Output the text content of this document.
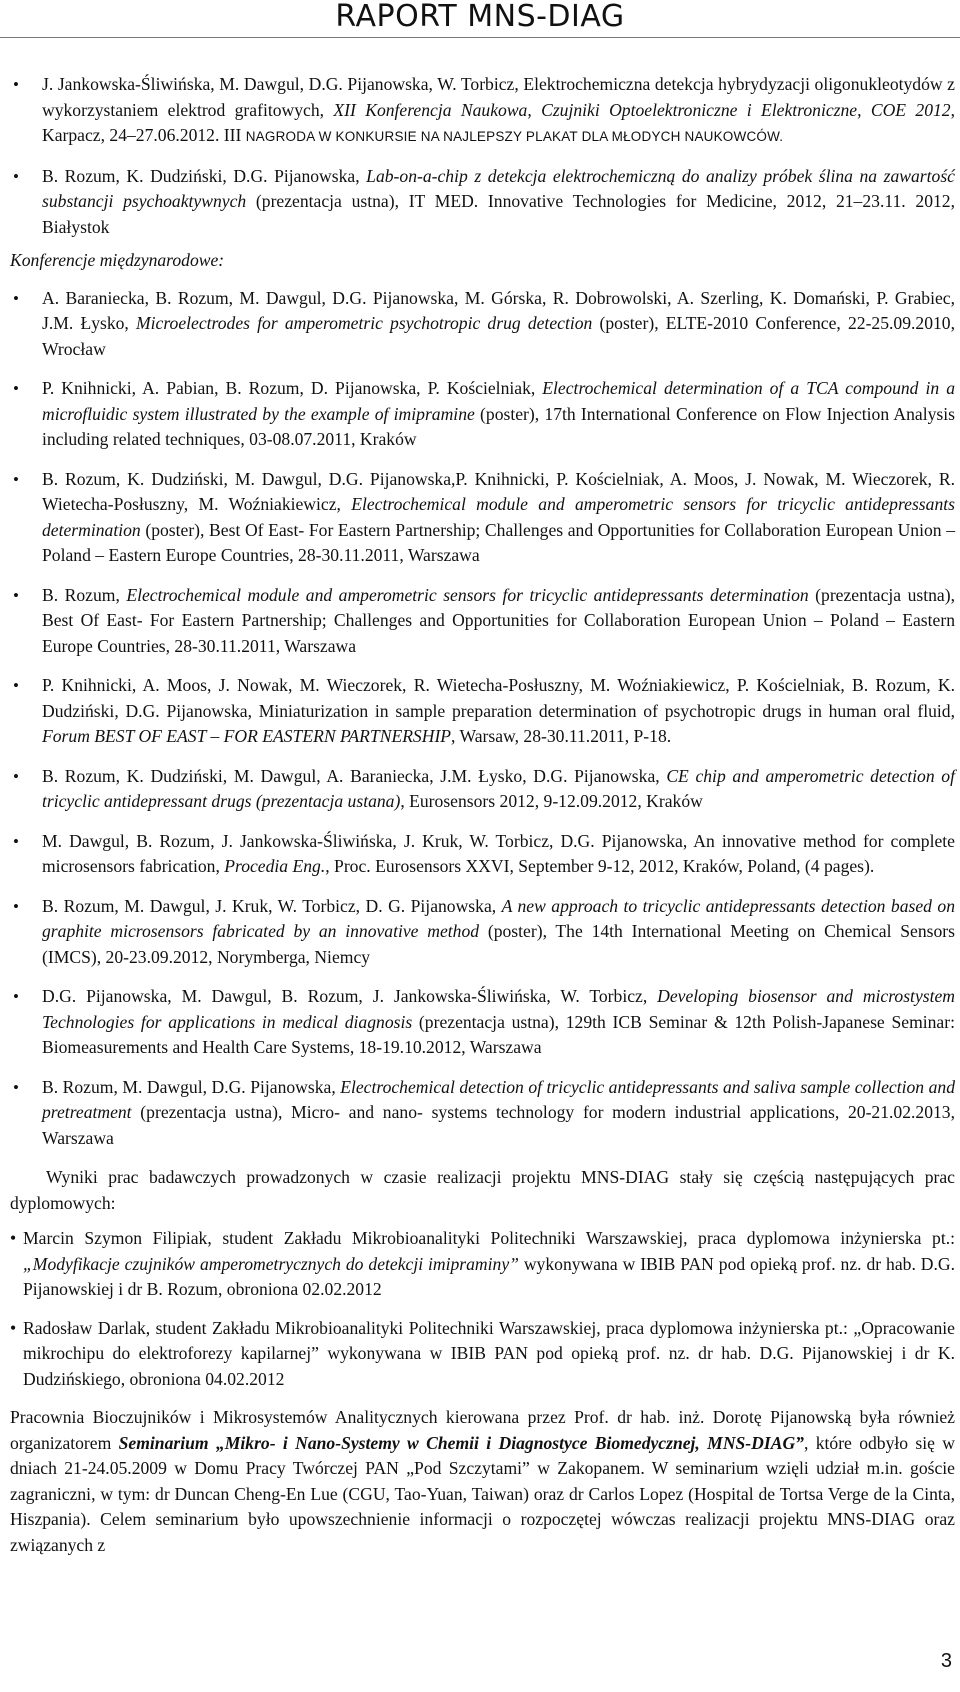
RAPORT MNS-DIAG
• J. Jankowska-Śliwińska, M. Dawgul, D.G. Pijanowska, W. Torbicz, Elektrochemiczna detekcja hybrydyzacji oligonukleotydów z wykorzystaniem elektrod grafitowych, XII Konferencja Naukowa, Czujniki Optoelektroniczne i Elektroniczne, COE 2012, Karpacz, 24–27.06.2012. III NAGRODA W KONKURSIE NA NAJLEPSZY PLAKAT DLA MŁODYCH NAUKOWCÓW.
• B. Rozum, K. Dudziński, D.G. Pijanowska, Lab-on-a-chip z detekcja elektrochemiczną do analizy próbek ślina na zawartość substancji psychoaktywnych (prezentacja ustna), IT MED. Innovative Technologies for Medicine, 2012, 21–23.11. 2012, Białystok
Konferencje międzynarodowe:
• A. Baraniecka, B. Rozum, M. Dawgul, D.G. Pijanowska, M. Górska, R. Dobrowolski, A. Szerling, K. Domański, P. Grabiec, J.M. Łysko, Microelectrodes for amperometric psychotropic drug detection (poster), ELTE-2010 Conference, 22-25.09.2010, Wrocław
• P. Knihnicki, A. Pabian, B. Rozum, D. Pijanowska, P. Kościelniak, Electrochemical determination of a TCA compound in a microfluidic system illustrated by the example of imipramine (poster), 17th International Conference on Flow Injection Analysis including related techniques, 03-08.07.2011, Kraków
• B. Rozum, K. Dudziński, M. Dawgul, D.G. Pijanowska,P. Knihnicki, P. Kościelniak, A. Moos, J. Nowak, M. Wieczorek, R. Wietecha-Posłuszny, M. Woźniakiewicz, Electrochemical module and amperometric sensors for tricyclic antidepressants determination (poster), Best Of East- For Eastern Partnership; Challenges and Opportunities for Collaboration European Union – Poland – Eastern Europe Countries, 28-30.11.2011, Warszawa
• B. Rozum, Electrochemical module and amperometric sensors for tricyclic antidepressants determination (prezentacja ustna), Best Of East- For Eastern Partnership; Challenges and Opportunities for Collaboration European Union – Poland – Eastern Europe Countries, 28-30.11.2011, Warszawa
• P. Knihnicki, A. Moos, J. Nowak, M. Wieczorek, R. Wietecha-Posłuszny, M. Woźniakiewicz, P. Kościelniak, B. Rozum, K. Dudziński, D.G. Pijanowska, Miniaturization in sample preparation determination of psychotropic drugs in human oral fluid, Forum BEST OF EAST – FOR EASTERN PARTNERSHIP, Warsaw, 28-30.11.2011, P-18.
• B. Rozum, K. Dudziński, M. Dawgul, A. Baraniecka, J.M. Łysko, D.G. Pijanowska, CE chip and amperometric detection of tricyclic antidepressant drugs (prezentacja ustana), Eurosensors 2012, 9-12.09.2012, Kraków
• M. Dawgul, B. Rozum, J. Jankowska-Śliwińska, J. Kruk, W. Torbicz, D.G. Pijanowska, An innovative method for complete microsensors fabrication, Procedia Eng., Proc. Eurosensors XXVI, September 9-12, 2012, Kraków, Poland, (4 pages).
• B. Rozum, M. Dawgul, J. Kruk, W. Torbicz, D. G. Pijanowska, A new approach to tricyclic antidepressants detection based on graphite microsensors fabricated by an innovative method (poster), The 14th International Meeting on Chemical Sensors (IMCS), 20-23.09.2012, Norymberga, Niemcy
• D.G. Pijanowska, M. Dawgul, B. Rozum, J. Jankowska-Śliwińska, W. Torbicz, Developing biosensor and microstystem Technologies for applications in medical diagnosis (prezentacja ustna), 129th ICB Seminar & 12th Polish-Japanese Seminar: Biomeasurements and Health Care Systems, 18-19.10.2012, Warszawa
• B. Rozum, M. Dawgul, D.G. Pijanowska, Electrochemical detection of tricyclic antidepressants and saliva sample collection and pretreatment (prezentacja ustna), Micro- and nano- systems technology for modern industrial applications, 20-21.02.2013, Warszawa
Wyniki prac badawczych prowadzonych w czasie realizacji projektu MNS-DIAG stały się częścią następujących prac dyplomowych:
• Marcin Szymon Filipiak, student Zakładu Mikrobioanalityki Politechniki Warszawskiej, praca dyplomowa inżynierska pt.: „Modyfikacje czujników amperometrycznych do detekcji imipraminy” wykonywana w IBIB PAN pod opieką prof. nz. dr hab. D.G. Pijanowskiej i dr B. Rozum, obroniona 02.02.2012
• Radosław Darlak, student Zakładu Mikrobioanalityki Politechniki Warszawskiej, praca dyplomowa inżynierska pt.: „Opracowanie mikrochipu do elektroforezy kapilarnej” wykonywana w IBIB PAN pod opieką prof. nz. dr hab. D.G. Pijanowskiej i dr K. Dudzińskiego, obroniona 04.02.2012
Pracownia Bioczujników i Mikrosystemów Analitycznych kierowana przez Prof. dr hab. inż. Dorotę Pijanowską była również organizatorem Seminarium „Mikro- i Nano-Systemy w Chemii i Diagnostyce Biomedycznej, MNS-DIAG”, które odbyło się w dniach 21-24.05.2009 w Domu Pracy Twórczej PAN „Pod Szczytami” w Zakopanem. W seminarium wzięli udział m.in. goście zagraniczni, w tym: dr Duncan Cheng-En Lue (CGU, Tao-Yuan, Taiwan) oraz dr Carlos Lopez (Hospital de Tortsa Verge de la Cinta, Hiszpania). Celem seminarium było upowszechnienie informacji o rozpoczętej wówczas realizacji projektu MNS-DIAG oraz związanych z
3
